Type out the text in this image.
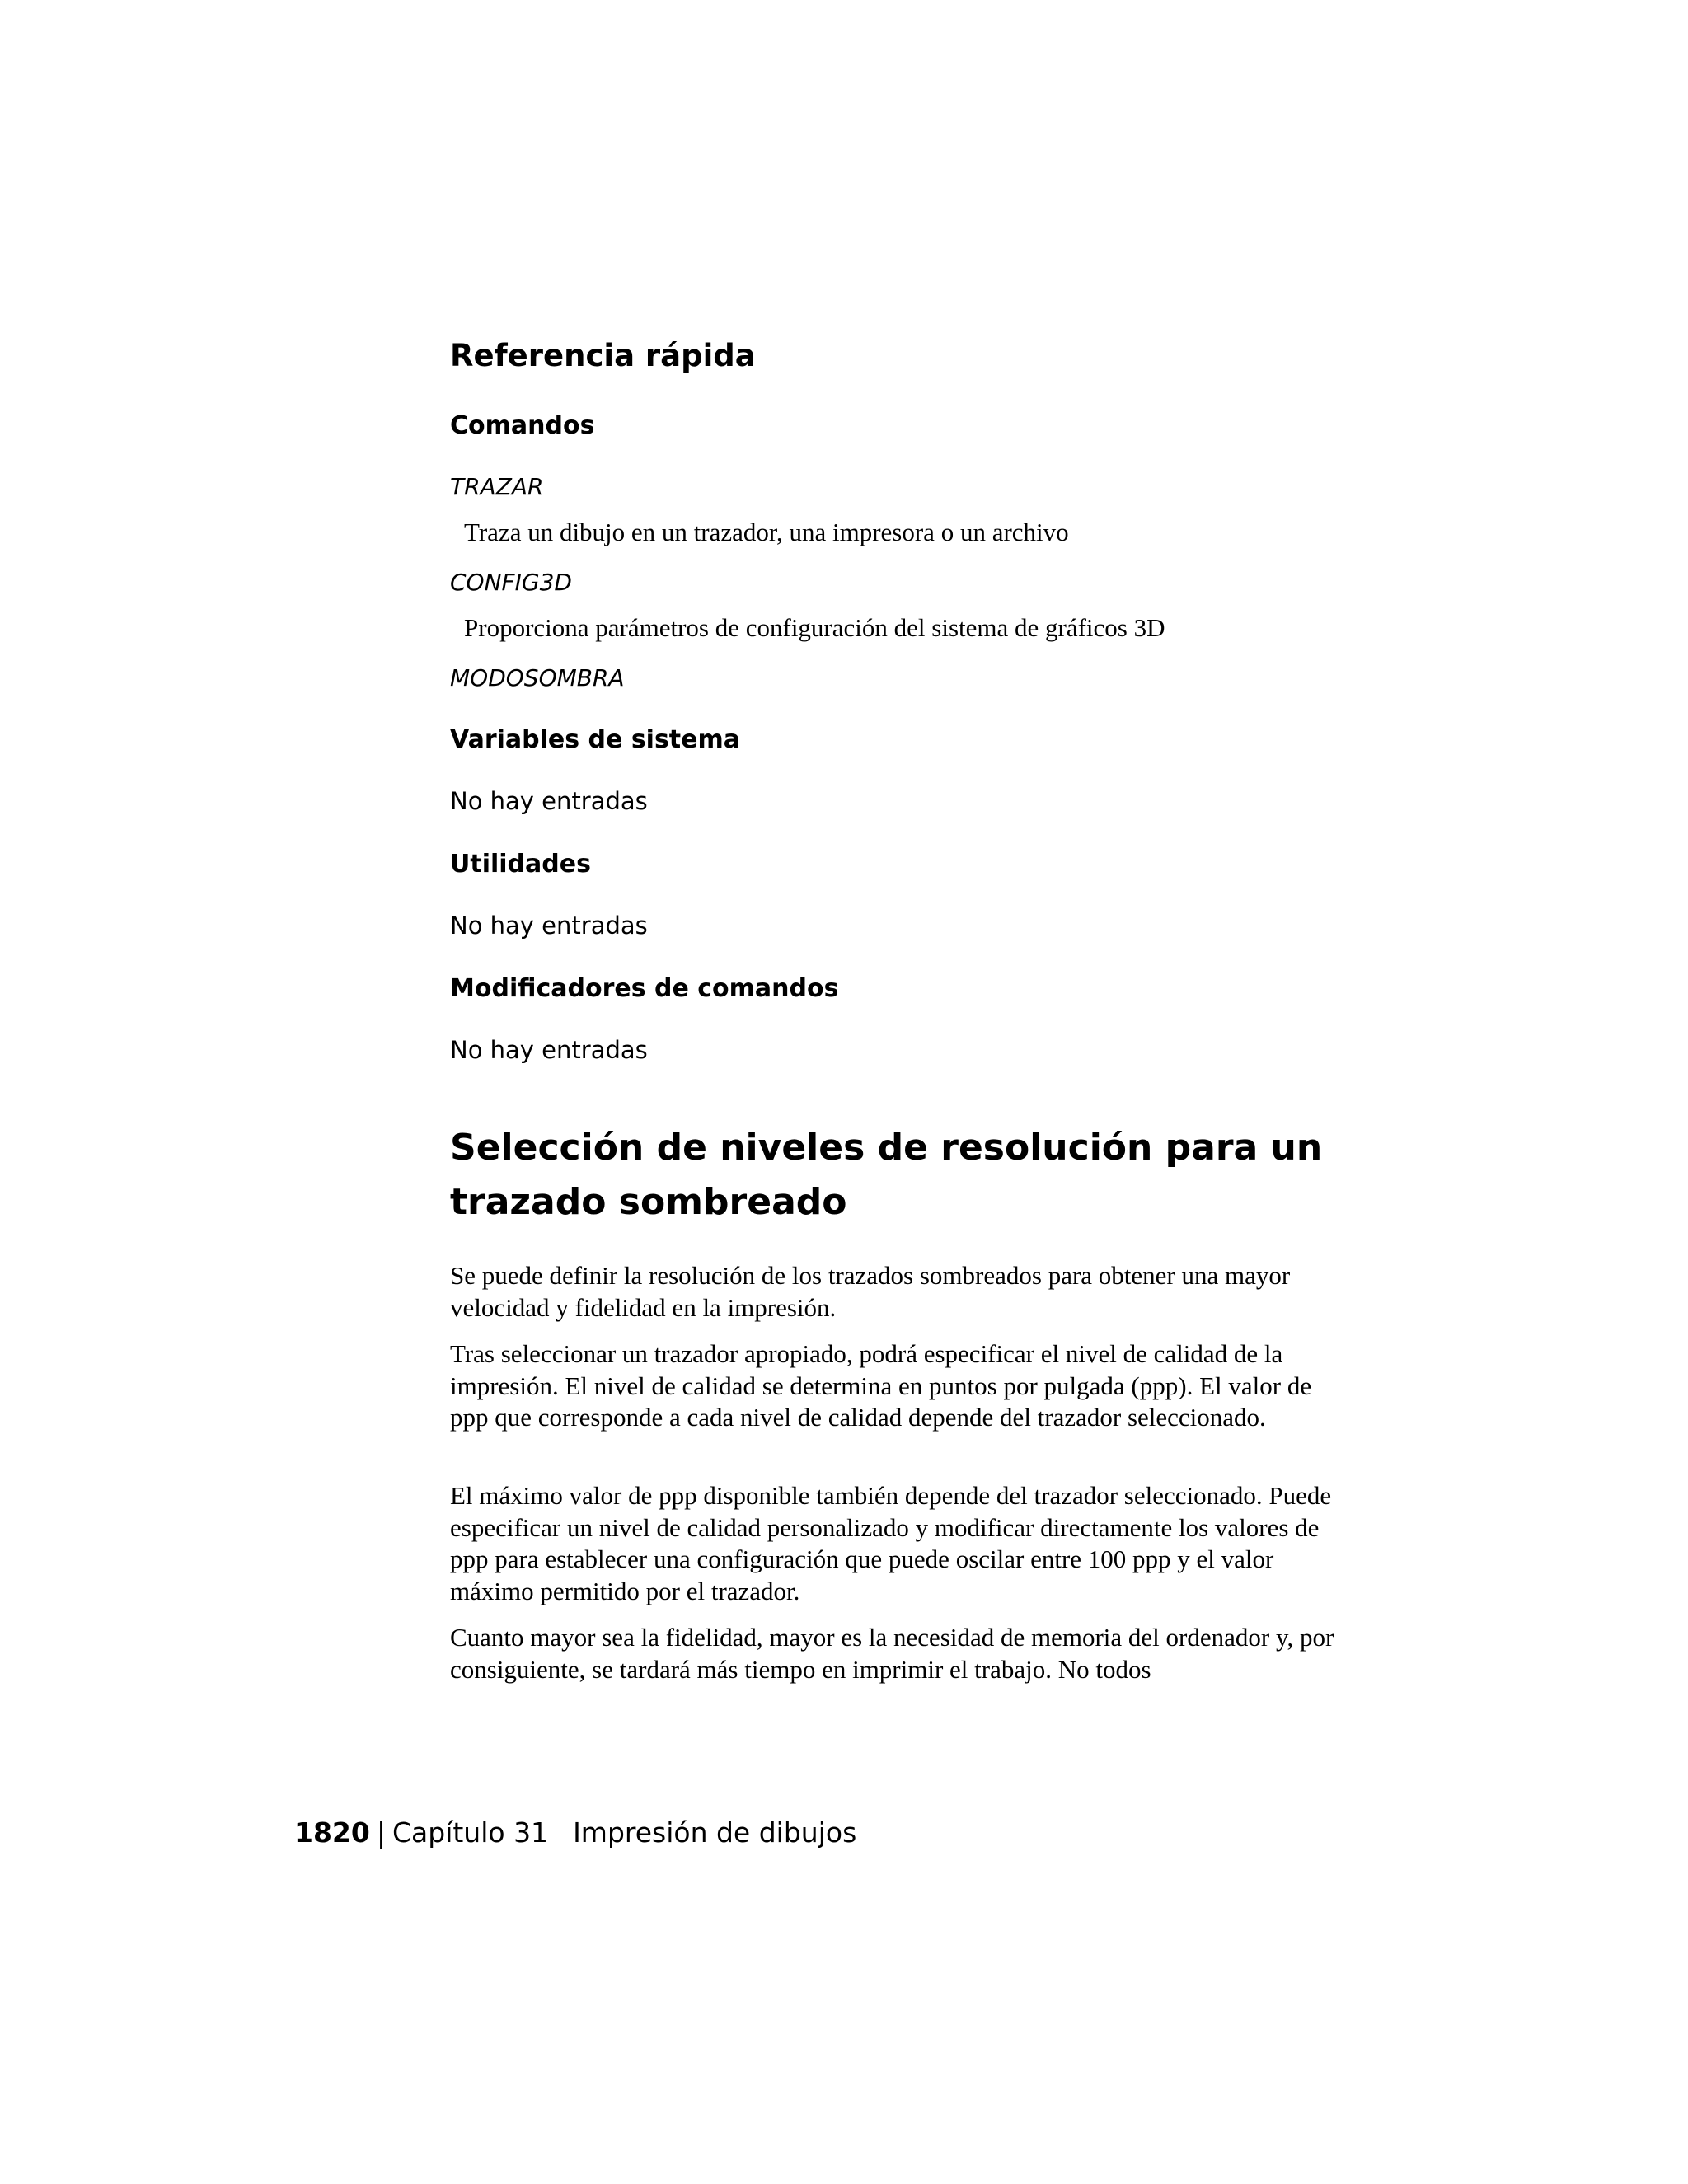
Referencia rápida
Comandos
TRAZAR
Traza un dibujo en un trazador, una impresora o un archivo
CONFIG3D
Proporciona parámetros de configuración del sistema de gráficos 3D
MODOSOMBRA
Variables de sistema
No hay entradas
Utilidades
No hay entradas
Modificadores de comandos
No hay entradas
Selección de niveles de resolución para un trazado sombreado

Se puede definir la resolución de los trazados sombreados para obtener una mayor velocidad y fidelidad en la impresión.

Tras seleccionar un trazador apropiado, podrá especificar el nivel de calidad de la impresión. El nivel de calidad se determina en puntos por pulgada (ppp). El valor de ppp que corresponde a cada nivel de calidad depende del trazador seleccionado.

El máximo valor de ppp disponible también depende del trazador seleccionado. Puede especificar un nivel de calidad personalizado y modificar directamente los valores de ppp para establecer una configuración que puede oscilar entre 100 ppp y el valor máximo permitido por el trazador.

Cuanto mayor sea la fidelidad, mayor es la necesidad de memoria del ordenador y, por consiguiente, se tardará más tiempo en imprimir el trabajo. No todos

1820 | Capítulo 31 Impresión de dibujos
